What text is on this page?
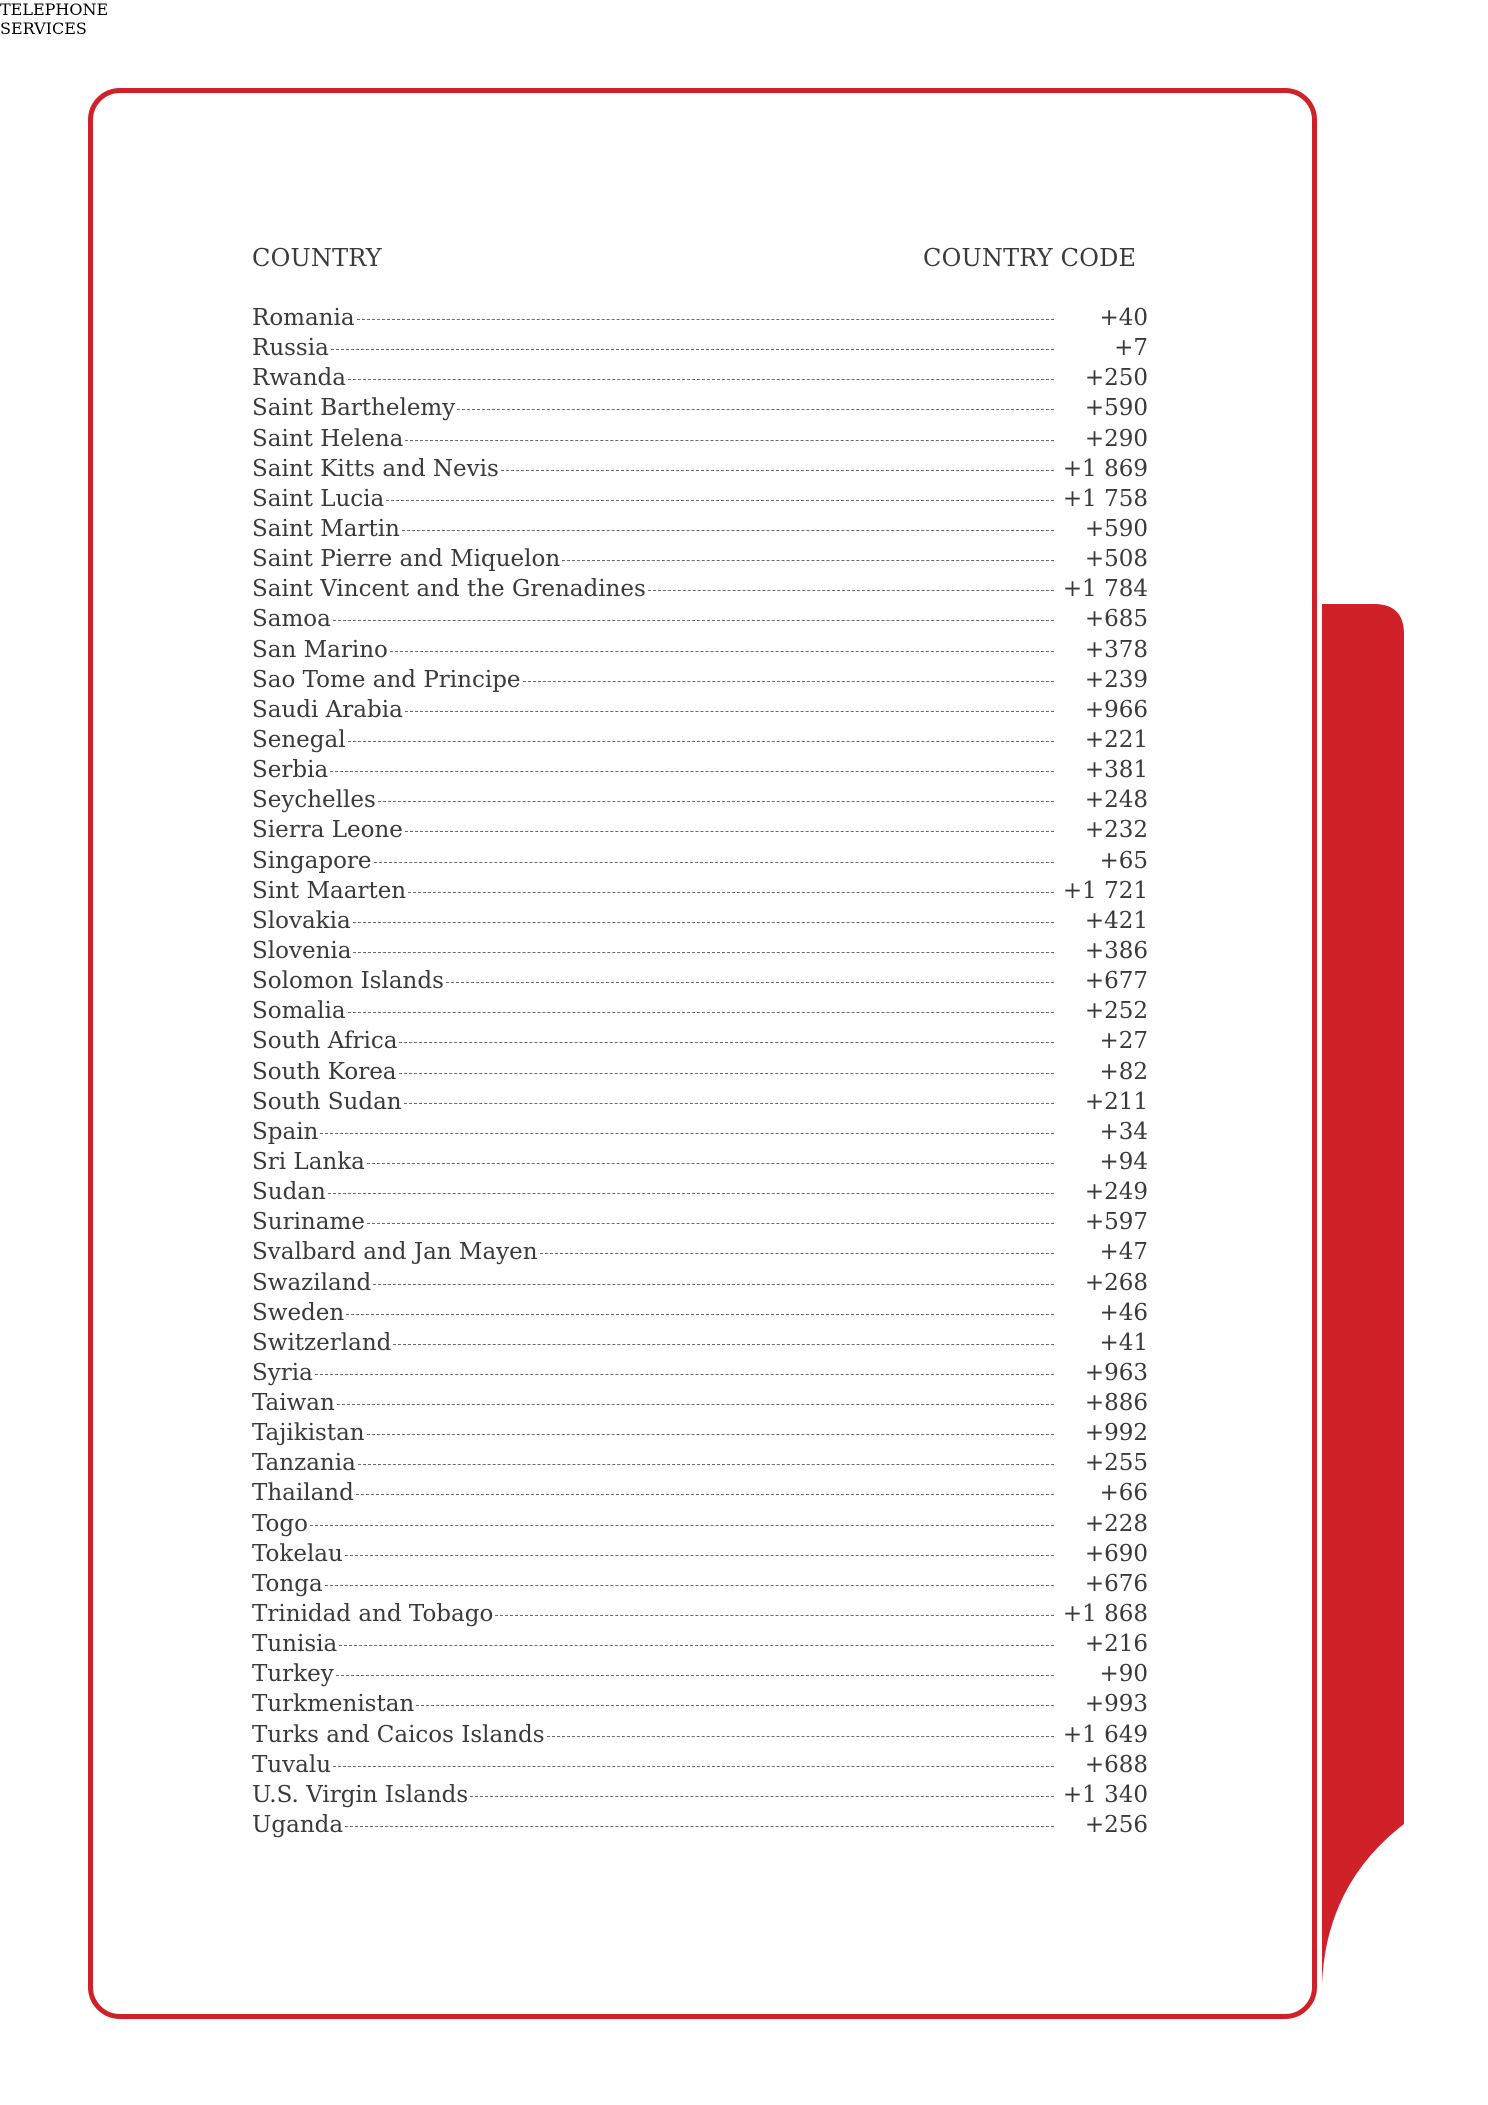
TELEPHONE
SERVICES
COUNTRY	COUNTRY CODE
Romania	+40
Russia	+7
Rwanda	+250
Saint Barthelemy	+590
Saint Helena	+290
Saint Kitts and Nevis	+1 869
Saint Lucia	+1 758
Saint Martin	+590
Saint Pierre and Miquelon	+508
Saint Vincent and the Grenadines	+1 784
Samoa	+685
San Marino	+378
Sao Tome and Principe	+239
Saudi Arabia	+966
Senegal	+221
Serbia	+381
Seychelles	+248
Sierra Leone	+232
Singapore	+65
Sint Maarten	+1 721
Slovakia	+421
Slovenia	+386
Solomon Islands	+677
Somalia	+252
South Africa	+27
South Korea	+82
South Sudan	+211
Spain	+34
Sri Lanka	+94
Sudan	+249
Suriname	+597
Svalbard and Jan Mayen	+47
Swaziland	+268
Sweden	+46
Switzerland	+41
Syria	+963
Taiwan	+886
Tajikistan	+992
Tanzania	+255
Thailand	+66
Togo	+228
Tokelau	+690
Tonga	+676
Trinidad and Tobago	+1 868
Tunisia	+216
Turkey	+90
Turkmenistan	+993
Turks and Caicos Islands	+1 649
Tuvalu	+688
U.S. Virgin Islands	+1 340
Uganda	+256
